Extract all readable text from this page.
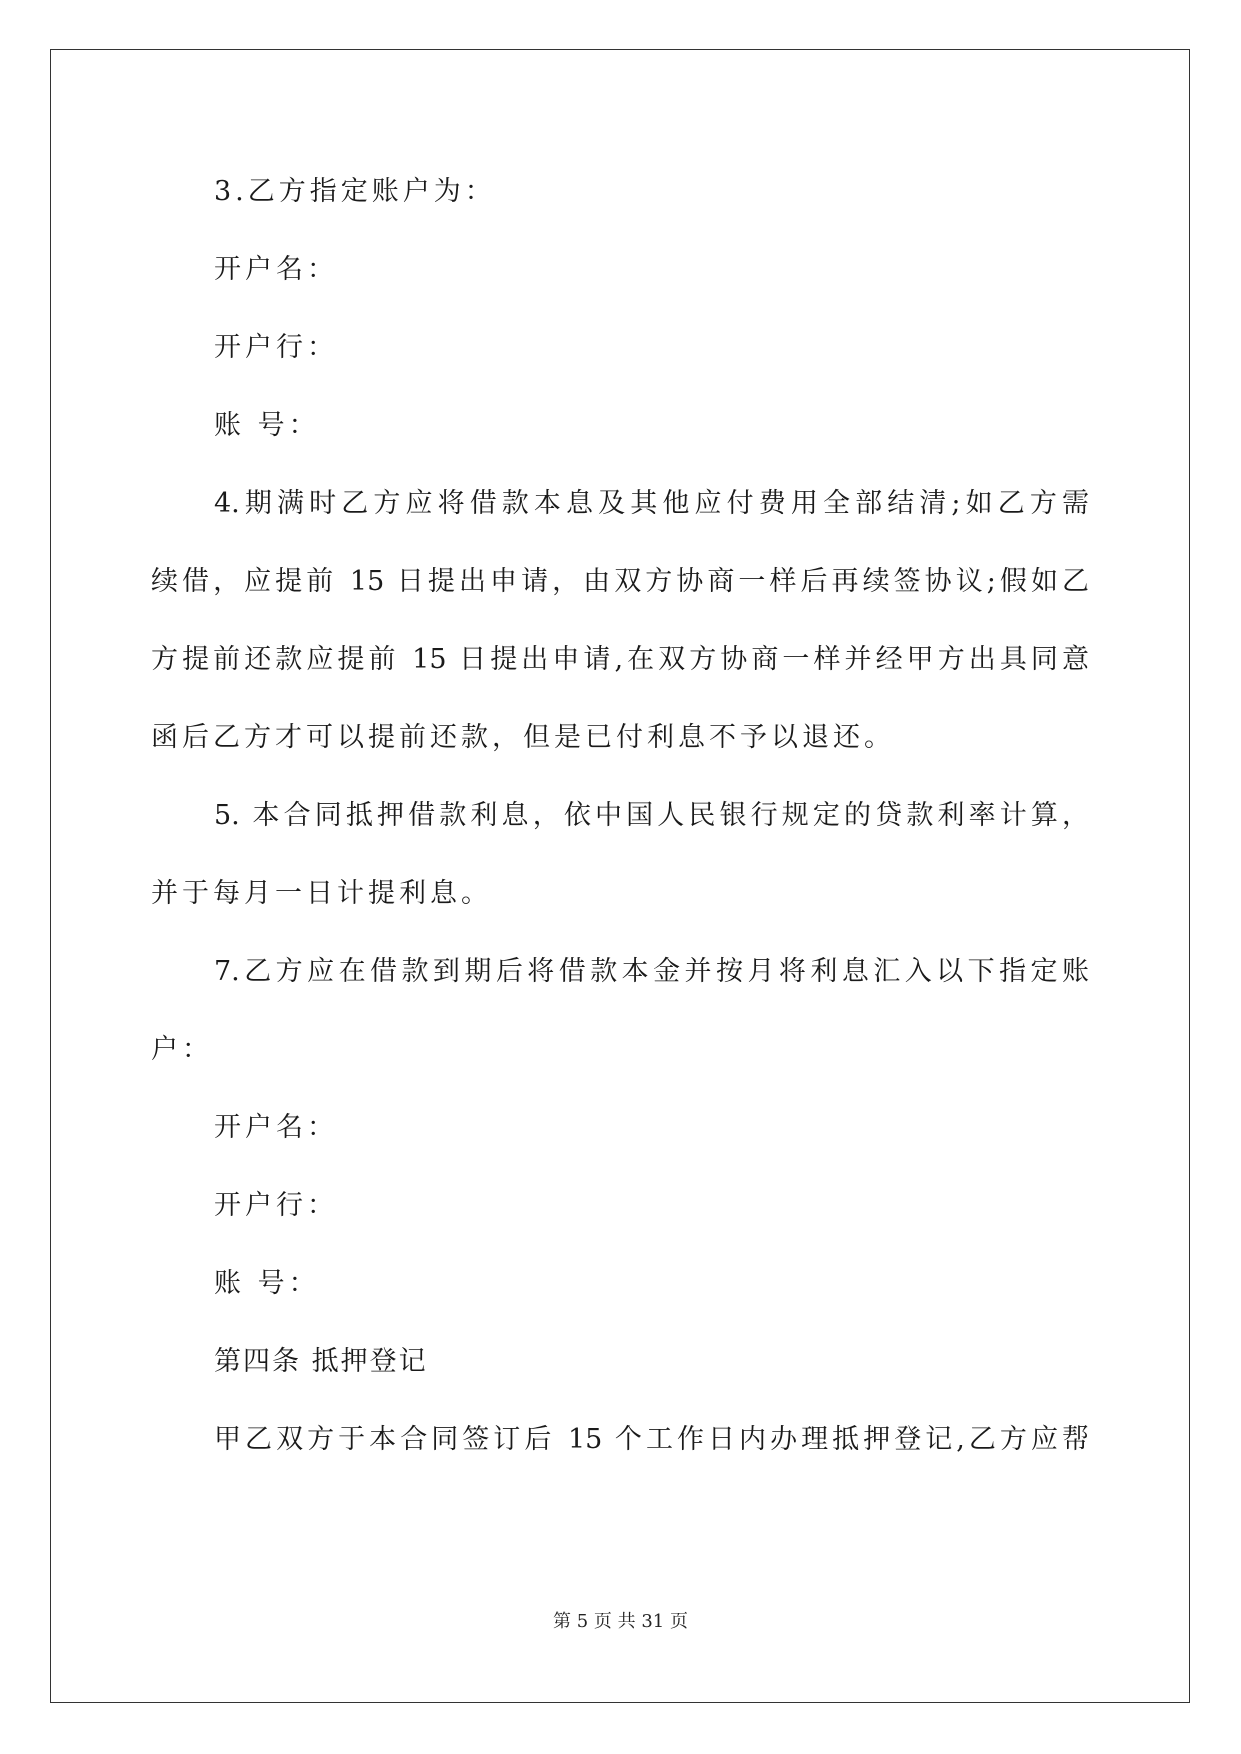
3.乙方指定账户为：
开户名：
开户行：
账 号：
4.期满时乙方应将借款本息及其他应付费用全部结清;如乙方需
续借，应提前 15 日提出申请，由双方协商一样后再续签协议;假如乙
方提前还款应提前 15 日提出申请,在双方协商一样并经甲方出具同意
函后乙方才可以提前还款，但是已付利息不予以退还。
5. 本合同抵押借款利息，依中国人民银行规定的贷款利率计算，
并于每月一日计提利息。
7.乙方应在借款到期后将借款本金并按月将利息汇入以下指定账
户：
开户名：
开户行：
账 号：
第四条 抵押登记
甲乙双方于本合同签订后 15 个工作日内办理抵押登记,乙方应帮
第 5 页 共 31 页
